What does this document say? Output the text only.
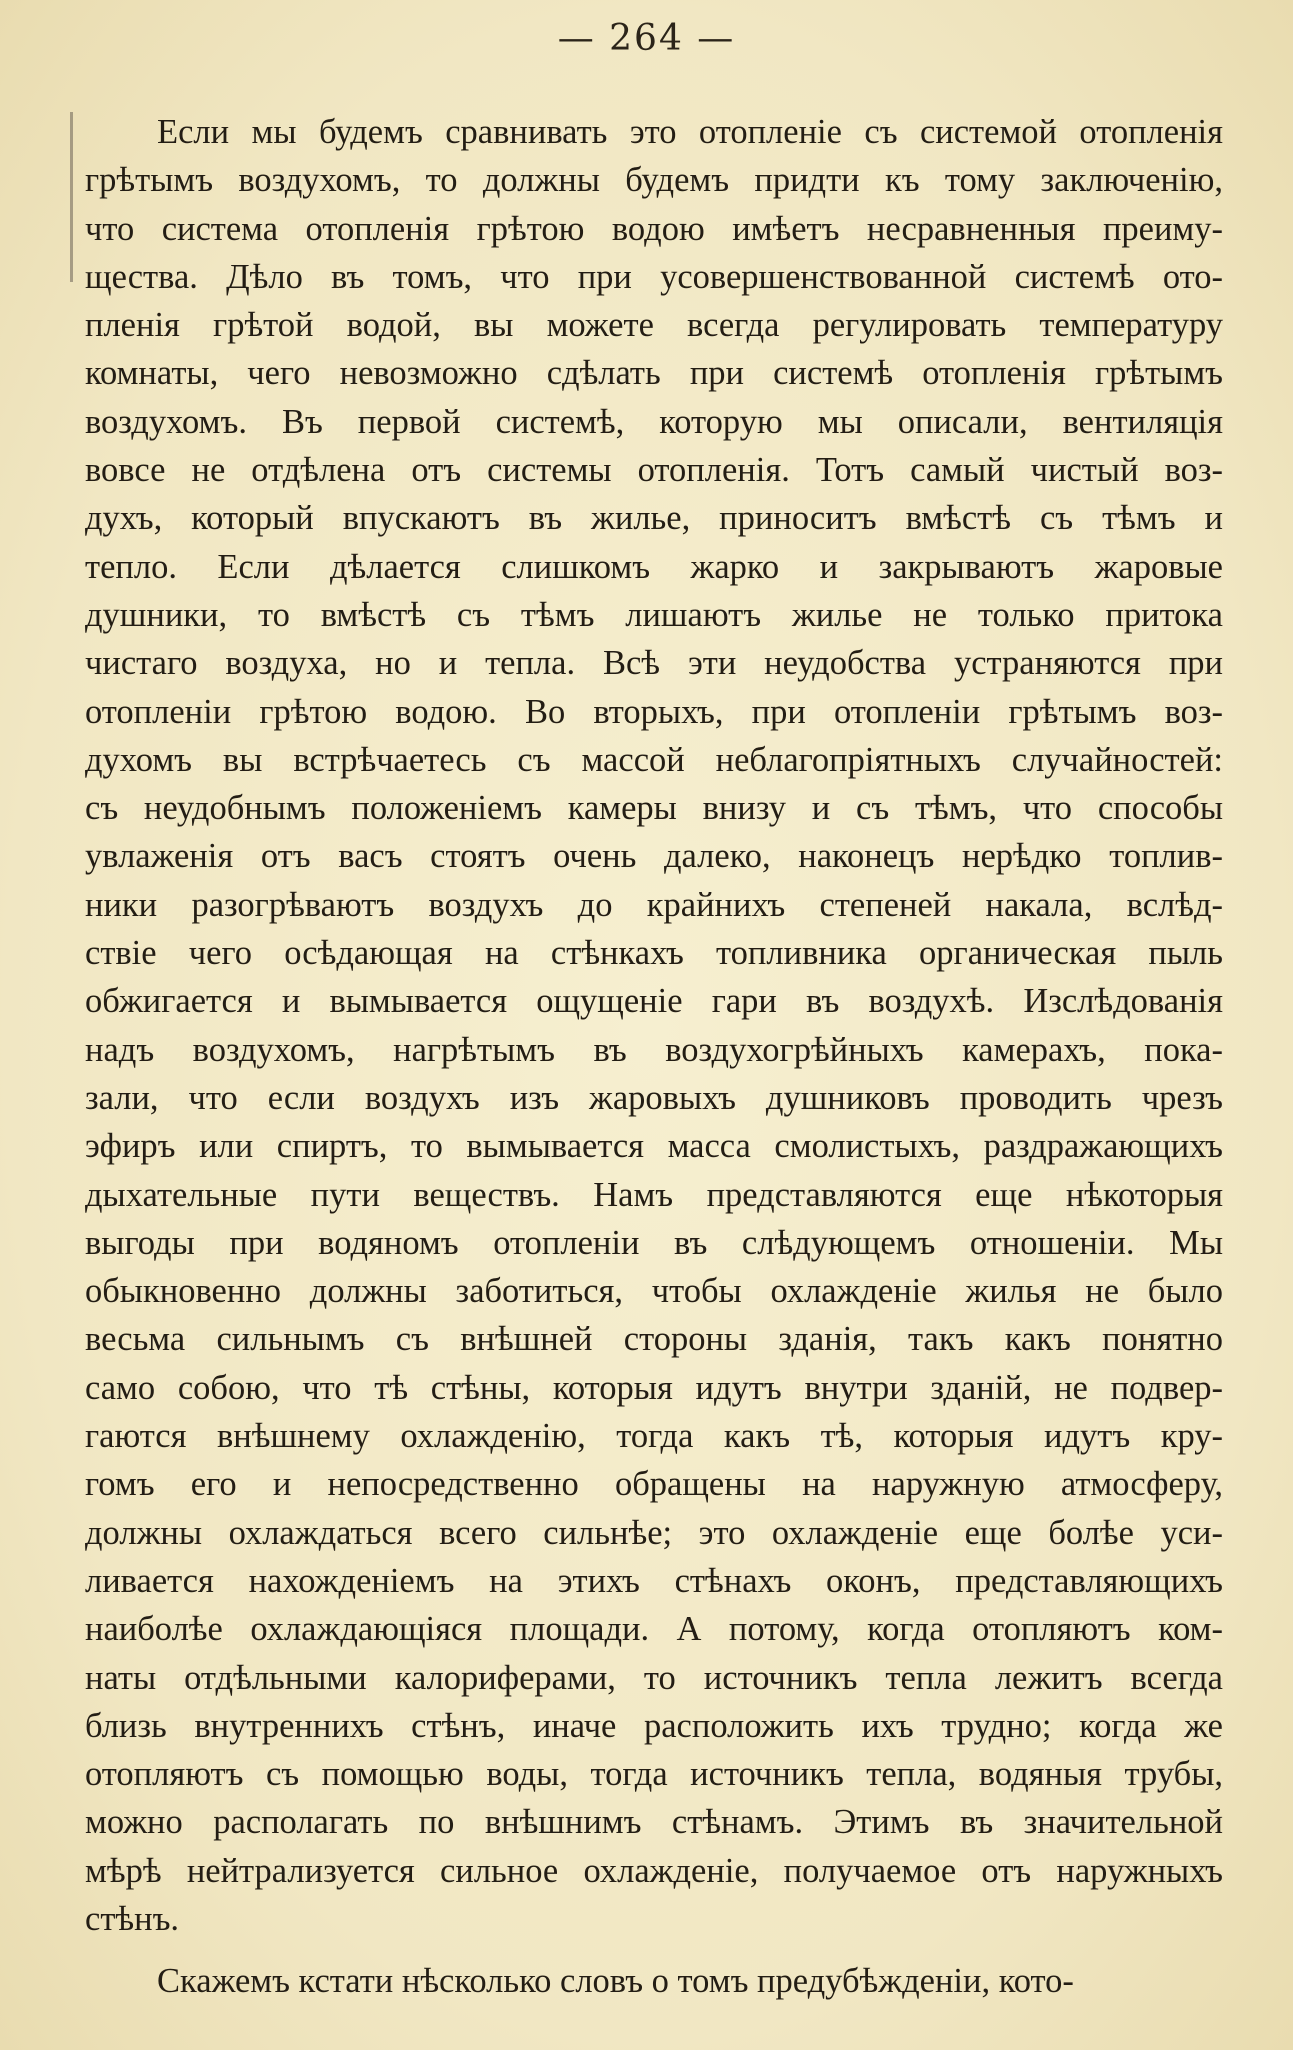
— 264 —
Если мы будемъ сравнивать это отопленіе съ системой отопленія
грѣтымъ воздухомъ, то должны будемъ придти къ тому заключенію,
что система отопленія грѣтою водою имѣетъ несравненныя преиму-
щества. Дѣло въ томъ, что при усовершенствованной системѣ ото-
пленія грѣтой водой, вы можете всегда регулировать температуру
комнаты, чего невозможно сдѣлать при системѣ отопленія грѣтымъ
воздухомъ. Въ первой системѣ, которую мы описали, вентиляція
вовсе не отдѣлена отъ системы отопленія. Тотъ самый чистый воз-
духъ, который впускаютъ въ жилье, приноситъ вмѣстѣ съ тѣмъ и
тепло. Если дѣлается слишкомъ жарко и закрываютъ жаровые
душники, то вмѣстѣ съ тѣмъ лишаютъ жилье не только притока
чистаго воздуха, но и тепла. Всѣ эти неудобства устраняются при
отопленіи грѣтою водою. Во вторыхъ, при отопленіи грѣтымъ воз-
духомъ вы встрѣчаетесь съ массой неблагопріятныхъ случайностей:
съ неудобнымъ положеніемъ камеры внизу и съ тѣмъ, что способы
увлаженія отъ васъ стоятъ очень далеко, наконецъ нерѣдко топлив-
ники разогрѣваютъ воздухъ до крайнихъ степеней накала, вслѣд-
ствіе чего осѣдающая на стѣнкахъ топливника органическая пыль
обжигается и вымывается ощущеніе гари въ воздухѣ. Изслѣдованія
надъ воздухомъ, нагрѣтымъ въ воздухогрѣйныхъ камерахъ, пока-
зали, что если воздухъ изъ жаровыхъ душниковъ проводить чрезъ
эфиръ или спиртъ, то вымывается масса смолистыхъ, раздражающихъ
дыхательные пути веществъ. Намъ представляются еще нѣкоторыя
выгоды при водяномъ отопленіи въ слѣдующемъ отношеніи. Мы
обыкновенно должны заботиться, чтобы охлажденіе жилья не было
весьма сильнымъ съ внѣшней стороны зданія, такъ какъ понятно
само собою, что тѣ стѣны, которыя идутъ внутри зданій, не подвер-
гаются внѣшнему охлажденію, тогда какъ тѣ, которыя идутъ кру-
гомъ его и непосредственно обращены на наружную атмосферу,
должны охлаждаться всего сильнѣе; это охлажденіе еще болѣе уси-
ливается нахожденіемъ на этихъ стѣнахъ оконъ, представляющихъ
наиболѣе охлаждающіяся площади. А потому, когда отопляютъ ком-
наты отдѣльными калориферами, то источникъ тепла лежитъ всегда
близь внутреннихъ стѣнъ, иначе расположить ихъ трудно; когда же
отопляютъ съ помощью воды, тогда источникъ тепла, водяныя трубы,
можно располагать по внѣшнимъ стѣнамъ. Этимъ въ значительной
мѣрѣ нейтрализуется сильное охлажденіе, получаемое отъ наружныхъ
стѣнъ.
Скажемъ кстати нѣсколько словъ о томъ предубѣжденіи, кото-
